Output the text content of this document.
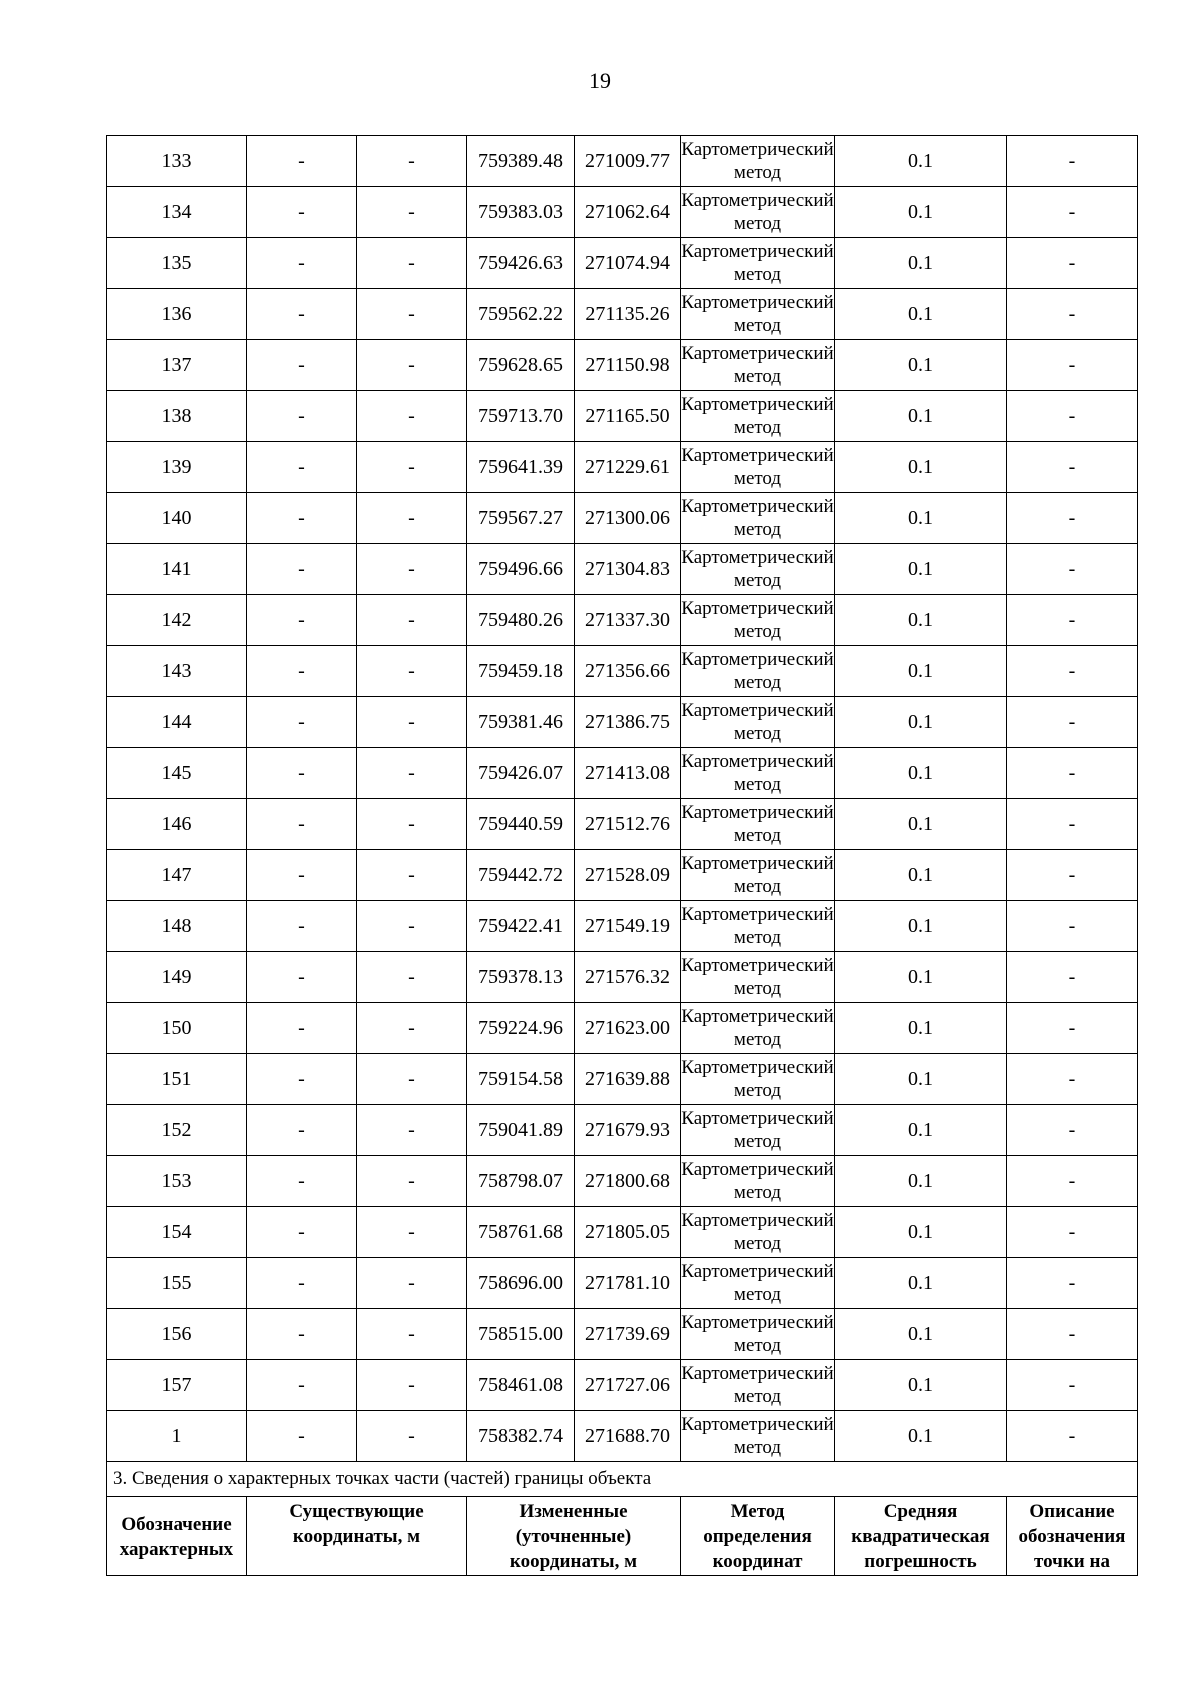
19
133	-	-	759389.48	271009.77	Картометрический метод	0.1	-
134	-	-	759383.03	271062.64	Картометрический метод	0.1	-
135	-	-	759426.63	271074.94	Картометрический метод	0.1	-
136	-	-	759562.22	271135.26	Картометрический метод	0.1	-
137	-	-	759628.65	271150.98	Картометрический метод	0.1	-
138	-	-	759713.70	271165.50	Картометрический метод	0.1	-
139	-	-	759641.39	271229.61	Картометрический метод	0.1	-
140	-	-	759567.27	271300.06	Картометрический метод	0.1	-
141	-	-	759496.66	271304.83	Картометрический метод	0.1	-
142	-	-	759480.26	271337.30	Картометрический метод	0.1	-
143	-	-	759459.18	271356.66	Картометрический метод	0.1	-
144	-	-	759381.46	271386.75	Картометрический метод	0.1	-
145	-	-	759426.07	271413.08	Картометрический метод	0.1	-
146	-	-	759440.59	271512.76	Картометрический метод	0.1	-
147	-	-	759442.72	271528.09	Картометрический метод	0.1	-
148	-	-	759422.41	271549.19	Картометрический метод	0.1	-
149	-	-	759378.13	271576.32	Картометрический метод	0.1	-
150	-	-	759224.96	271623.00	Картометрический метод	0.1	-
151	-	-	759154.58	271639.88	Картометрический метод	0.1	-
152	-	-	759041.89	271679.93	Картометрический метод	0.1	-
153	-	-	758798.07	271800.68	Картометрический метод	0.1	-
154	-	-	758761.68	271805.05	Картометрический метод	0.1	-
155	-	-	758696.00	271781.10	Картометрический метод	0.1	-
156	-	-	758515.00	271739.69	Картометрический метод	0.1	-
157	-	-	758461.08	271727.06	Картометрический метод	0.1	-
1	-	-	758382.74	271688.70	Картометрический метод	0.1	-
3. Сведения о характерных точках части (частей) границы объекта							
Обозначение характерных	Существующие координаты, м		Измененные (уточненные) координаты, м		Метод определения координат	Средняя квадратическая погрешность	Описание обозначения точки на
